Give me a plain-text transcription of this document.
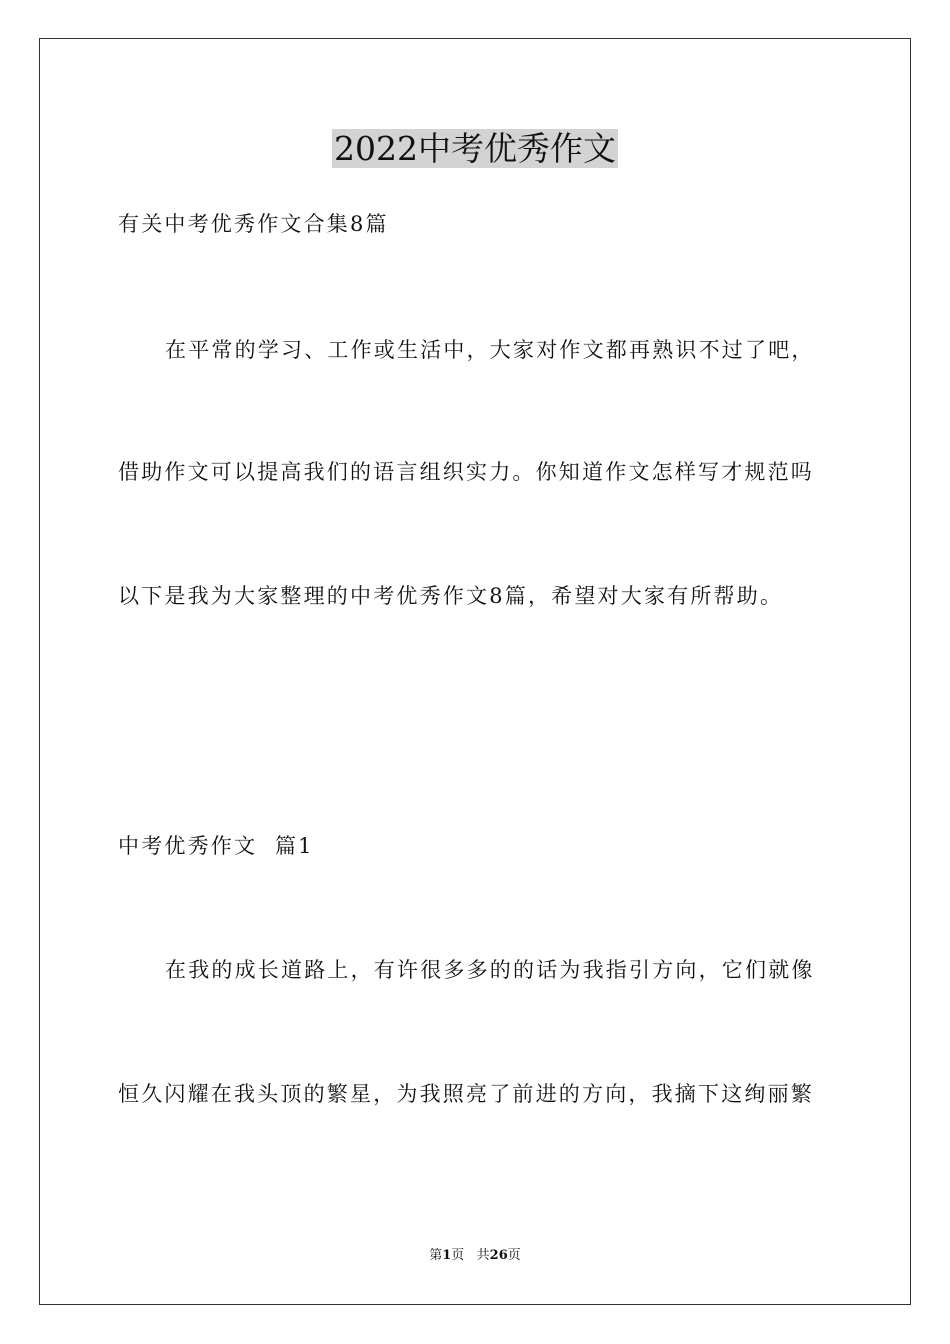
2022中考优秀作文

有关中考优秀作文合集8篇

在平常的学习、工作或生活中，大家对作文都再熟识不过了吧，

借助作文可以提高我们的语言组织实力。你知道作文怎样写才规范吗

以下是我为大家整理的中考优秀作文8篇，希望对大家有所帮助。

中考优秀作文  篇1

在我的成长道路上，有许很多多的的话为我指引方向，它们就像

恒久闪耀在我头顶的繁星，为我照亮了前进的方向，我摘下这绚丽繁

第1页   共26页
